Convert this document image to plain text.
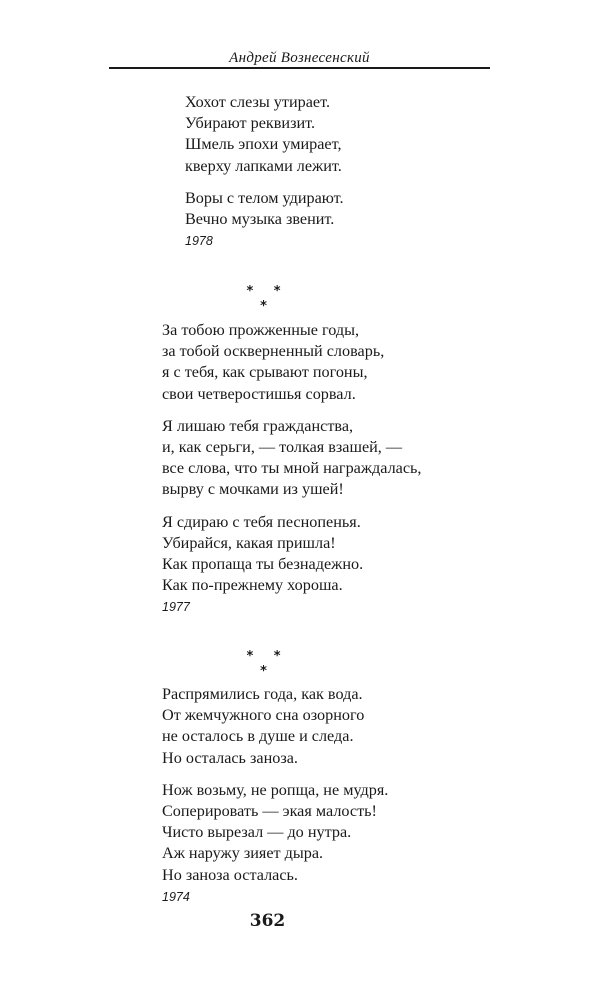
Андрей Вознесенский
Хохот слезы утирает.
Убирают реквизит.
Шмель эпохи умирает,
кверху лапками лежит.
Воры с телом удирают.
Вечно музыка звенит.
1978
* * *
За тобою прожженные годы,
за тобой оскверненный словарь,
я с тебя, как срывают погоны,
свои четверостишья сорвал.
Я лишаю тебя гражданства,
и, как серьги, — толкая взашей, —
все слова, что ты мной награждалась,
вырву с мочками из ушей!
Я сдираю с тебя песнопенья.
Убирайся, какая пришла!
Как пропаща ты безнадежно.
Как по-прежнему хороша.
1977
* * *
Распрямились года, как вода.
От жемчужного сна озорного
не осталось в душе и следа.
Но осталась заноза.
Нож возьму, не ропща, не мудря.
Соперировать — экая малость!
Чисто вырезал — до нутра.
Аж наружу зияет дыра.
Но заноза осталась.
1974
362
